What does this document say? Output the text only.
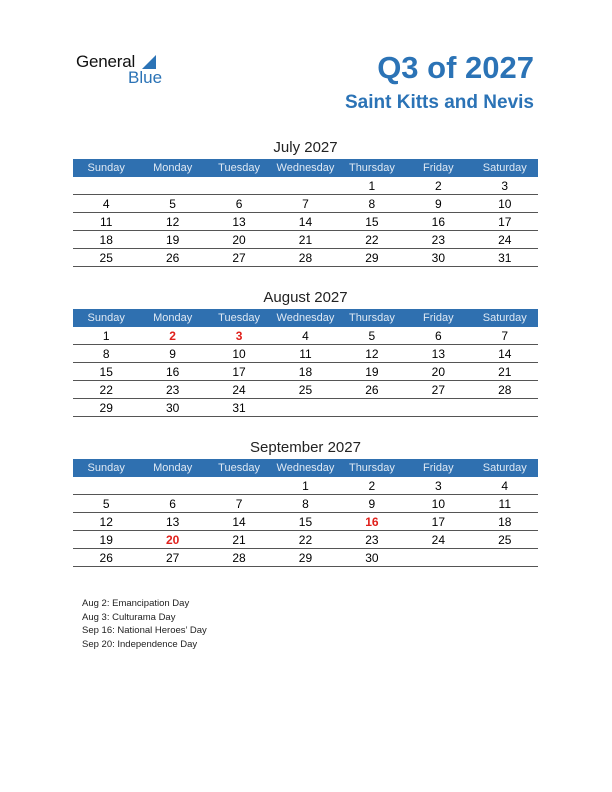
General
Blue	Q3 of 2027
Saint Kitts and Nevis
July 2027
Sunday	Monday	Tuesday	Wednesday	Thursday	Friday	Saturday
				1	2	3
4	5	6	7	8	9	10
11	12	13	14	15	16	17
18	19	20	21	22	23	24
25	26	27	28	29	30	31
August 2027
Sunday	Monday	Tuesday	Wednesday	Thursday	Friday	Saturday
1	2	3	4	5	6	7
8	9	10	11	12	13	14
15	16	17	18	19	20	21
22	23	24	25	26	27	28
29	30	31				
September 2027
Sunday	Monday	Tuesday	Wednesday	Thursday	Friday	Saturday
			1	2	3	4
5	6	7	8	9	10	11
12	13	14	15	16	17	18
19	20	21	22	23	24	25
26	27	28	29	30		
Aug 2: Emancipation Day
Aug 3: Culturama Day
Sep 16: National Heroes’ Day
Sep 20: Independence Day
